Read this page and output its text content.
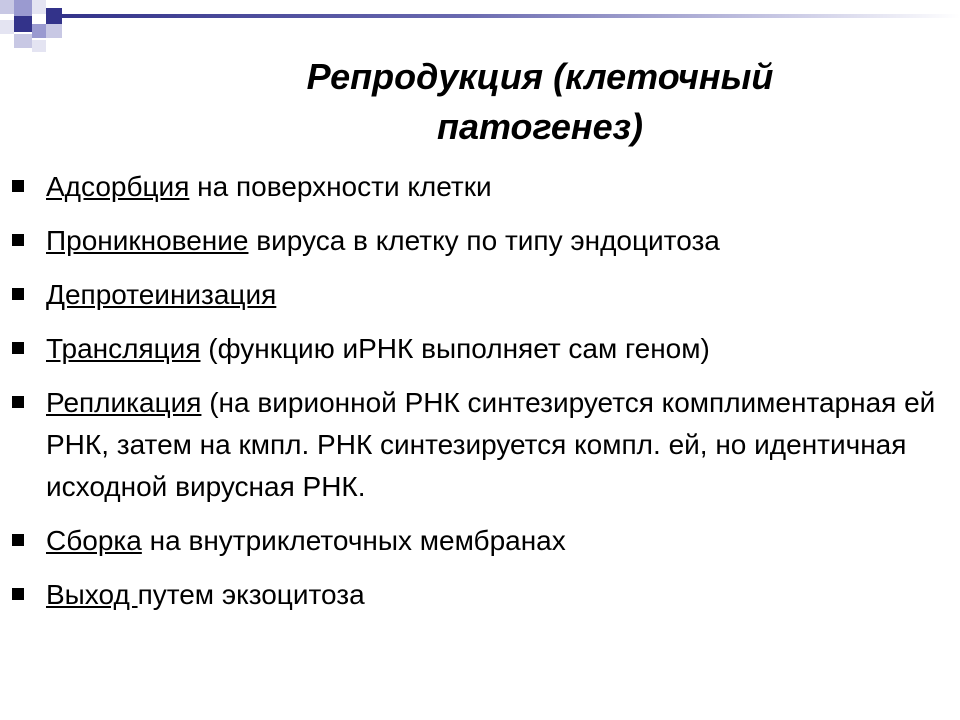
Репродукция (клеточный
патогенез)
Адсорбция на поверхности клетки
Проникновение вируса в клетку по типу эндоцитоза
Депротеинизация
Трансляция (функцию иРНК выполняет сам геном)
Репликация (на вирионной РНК синтезируется комплиментарная ей РНК, затем на кмпл. РНК синтезируется компл. ей, но идентичная исходной вирусная РНК.
Сборка на внутриклеточных мембранах
Выход путем экзоцитоза
